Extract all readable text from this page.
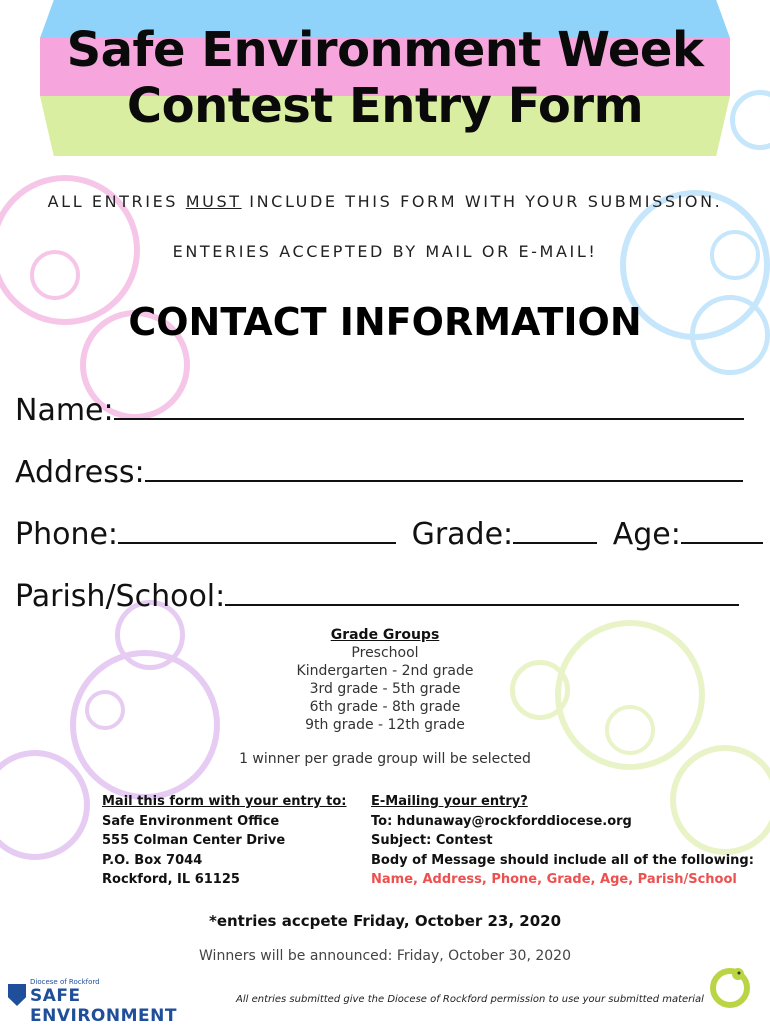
Safe Environment Week
Contest Entry Form
ALL ENTRIES MUST INCLUDE THIS FORM WITH YOUR SUBMISSION.
ENTERIES ACCEPTED BY MAIL OR E-MAIL!
CONTACT INFORMATION
Name:
Address:
Phone:	Grade:	Age:
Parish/School:
Grade Groups
Preschool
Kindergarten - 2nd grade
3rd grade - 5th grade
6th grade - 8th grade
9th grade - 12th grade
1 winner per grade group will be selected
Mail this form with your entry to:
Safe Environment Office
555 Colman Center Drive
P.O. Box 7044
Rockford, IL 61125
E-Mailing your entry?
To: hdunaway@rockforddiocese.org
Subject: Contest
Body of Message should include all of the following:
Name, Address, Phone, Grade, Age, Parish/School
*entries accpete Friday, October 23, 2020
Winners will be announced: Friday, October 30, 2020
Diocese of Rockford
SAFE ENVIRONMENT
All entries submitted give the Diocese of Rockford permission to use your submitted material
